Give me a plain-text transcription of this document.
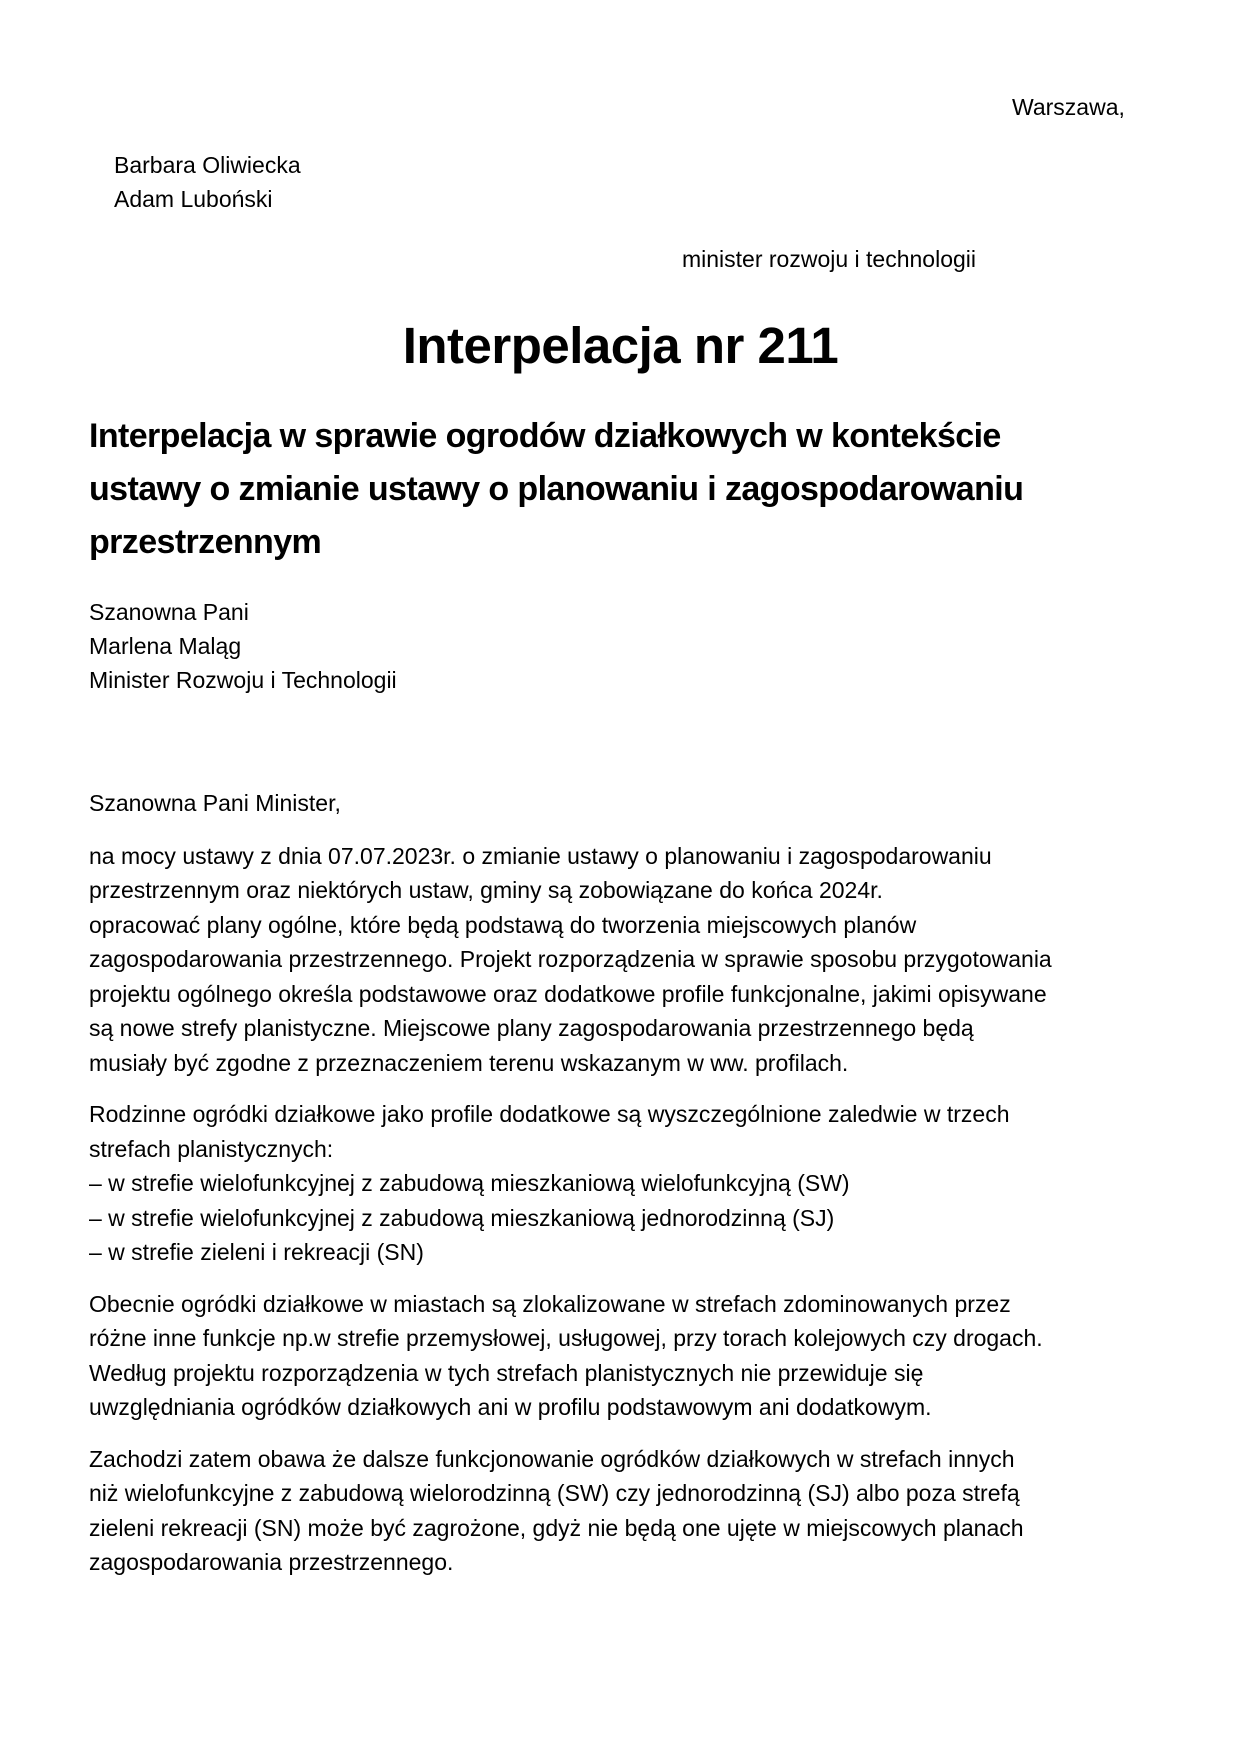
Warszawa,
Barbara Oliwiecka
Adam Luboński
minister rozwoju i technologii
Interpelacja nr 211
Interpelacja w sprawie ogrodów działkowych w kontekście
ustawy o zmianie ustawy o planowaniu i zagospodarowaniu
przestrzennym
Szanowna Pani
Marlena Maląg
Minister Rozwoju i Technologii

Szanowna Pani Minister,

na mocy ustawy z dnia 07.07.2023r. o zmianie ustawy o planowaniu i zagospodarowaniu
przestrzennym oraz niektórych ustaw, gminy są zobowiązane do końca 2024r.
opracować plany ogólne, które będą podstawą do tworzenia miejscowych planów
zagospodarowania przestrzennego. Projekt rozporządzenia w sprawie sposobu przygotowania
projektu ogólnego określa podstawowe oraz dodatkowe profile funkcjonalne, jakimi opisywane
są nowe strefy planistyczne. Miejscowe plany zagospodarowania przestrzennego będą
musiały być zgodne z przeznaczeniem terenu wskazanym w ww. profilach.

Rodzinne ogródki działkowe jako profile dodatkowe są wyszczególnione zaledwie w trzech
strefach planistycznych:
– w strefie wielofunkcyjnej z zabudową mieszkaniową wielofunkcyjną (SW)
– w strefie wielofunkcyjnej z zabudową mieszkaniową jednorodzinną (SJ)
– w strefie zieleni i rekreacji (SN)

Obecnie ogródki działkowe w miastach są zlokalizowane w strefach zdominowanych przez
różne inne funkcje np.w strefie przemysłowej, usługowej, przy torach kolejowych czy drogach.
Według projektu rozporządzenia w tych strefach planistycznych nie przewiduje się
uwzględniania ogródków działkowych ani w profilu podstawowym ani dodatkowym.

Zachodzi zatem obawa że dalsze funkcjonowanie ogródków działkowych w strefach innych
niż wielofunkcyjne z zabudową wielorodzinną (SW) czy jednorodzinną (SJ) albo poza strefą
zieleni rekreacji (SN) może być zagrożone, gdyż nie będą one ujęte w miejscowych planach
zagospodarowania przestrzennego.
